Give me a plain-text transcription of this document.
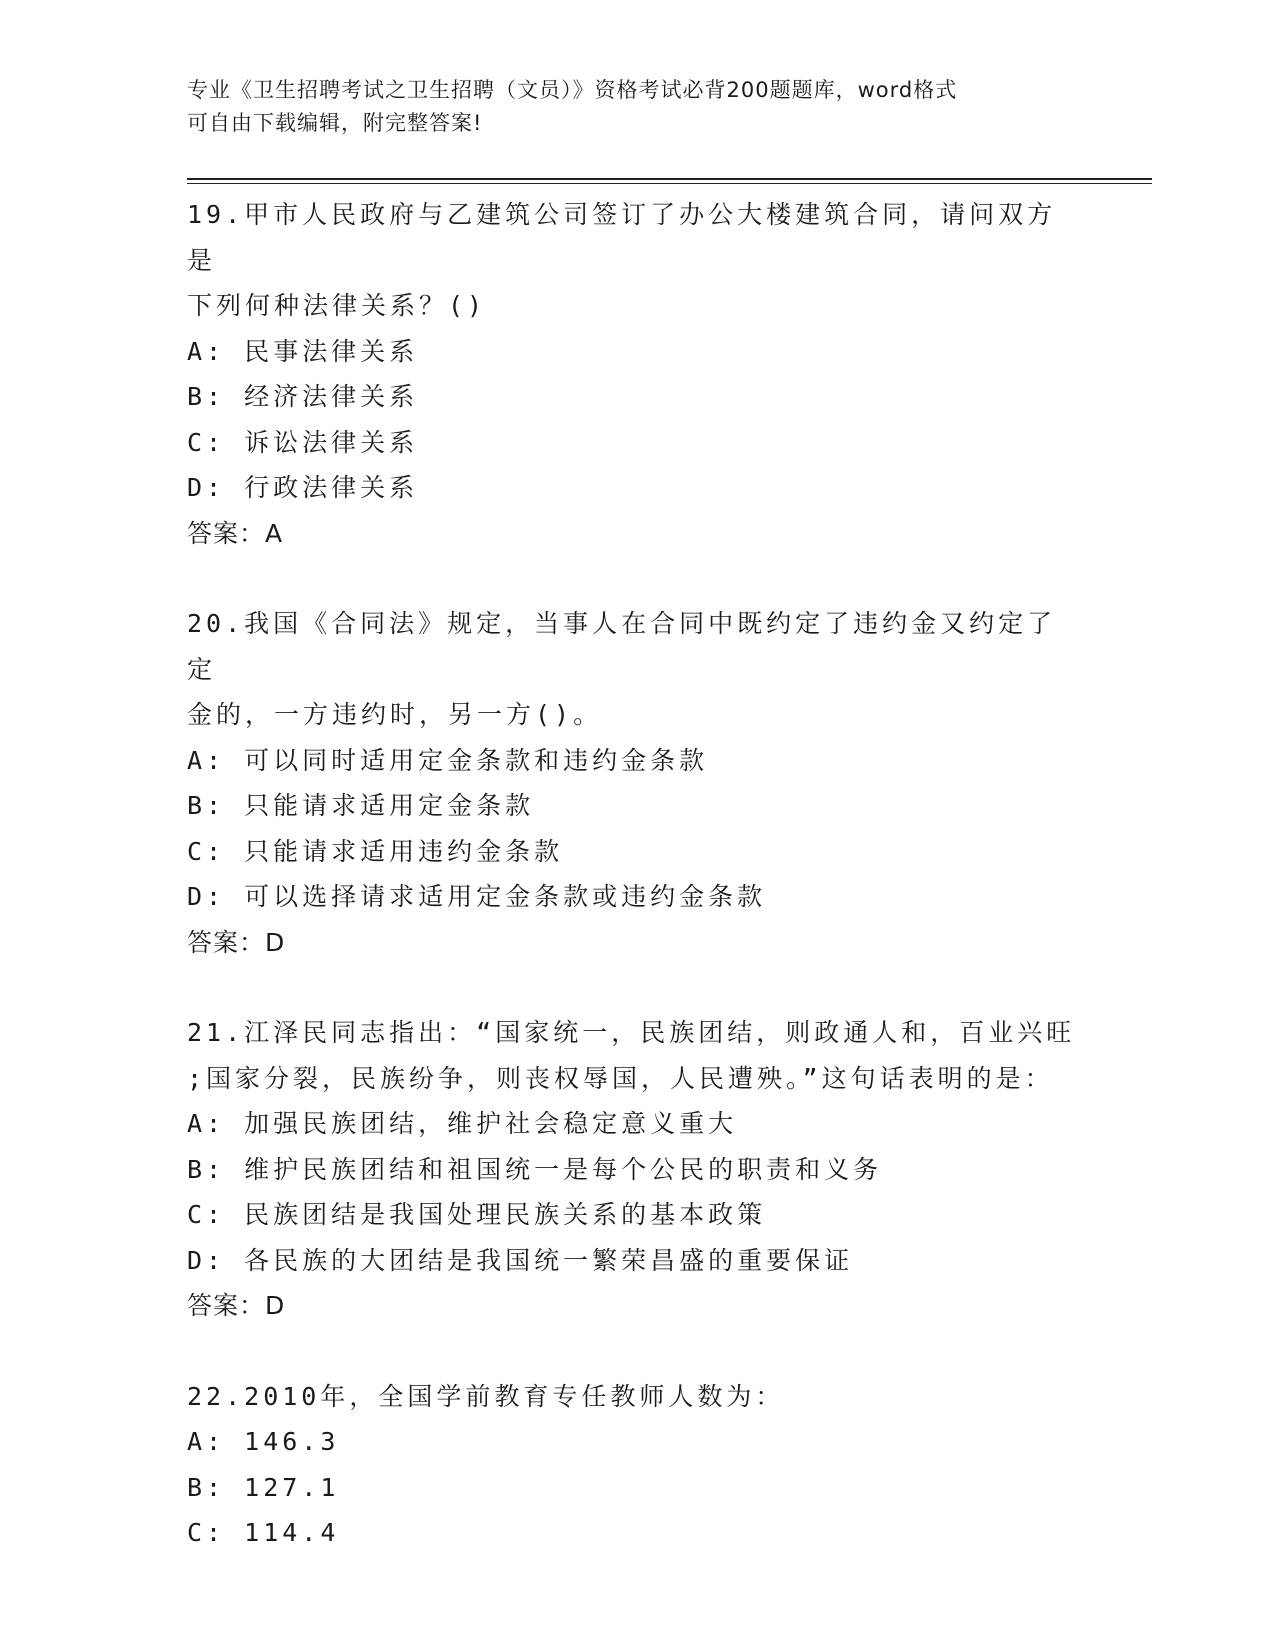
专业《卫生招聘考试之卫生招聘（文员）》资格考试必背200题题库，word格式
可自由下载编辑，附完整答案!
19.甲市人民政府与乙建筑公司签订了办公大楼建筑合同，请问双方是
下列何种法律关系？()
A: 民事法律关系
B: 经济法律关系
C: 诉讼法律关系
D: 行政法律关系
答案：A
20.我国《合同法》规定，当事人在合同中既约定了违约金又约定了定
金的，一方违约时，另一方()。
A: 可以同时适用定金条款和违约金条款
B: 只能请求适用定金条款
C: 只能请求适用违约金条款
D: 可以选择请求适用定金条款或违约金条款
答案：D
21.江泽民同志指出：“国家统一，民族团结，则政通人和，百业兴旺
;国家分裂，民族纷争，则丧权辱国，人民遭殃。”这句话表明的是：
A: 加强民族团结，维护社会稳定意义重大
B: 维护民族团结和祖国统一是每个公民的职责和义务
C: 民族团结是我国处理民族关系的基本政策
D: 各民族的大团结是我国统一繁荣昌盛的重要保证
答案：D
22.2010年，全国学前教育专任教师人数为：
A: 146.3
B: 127.1
C: 114.4
